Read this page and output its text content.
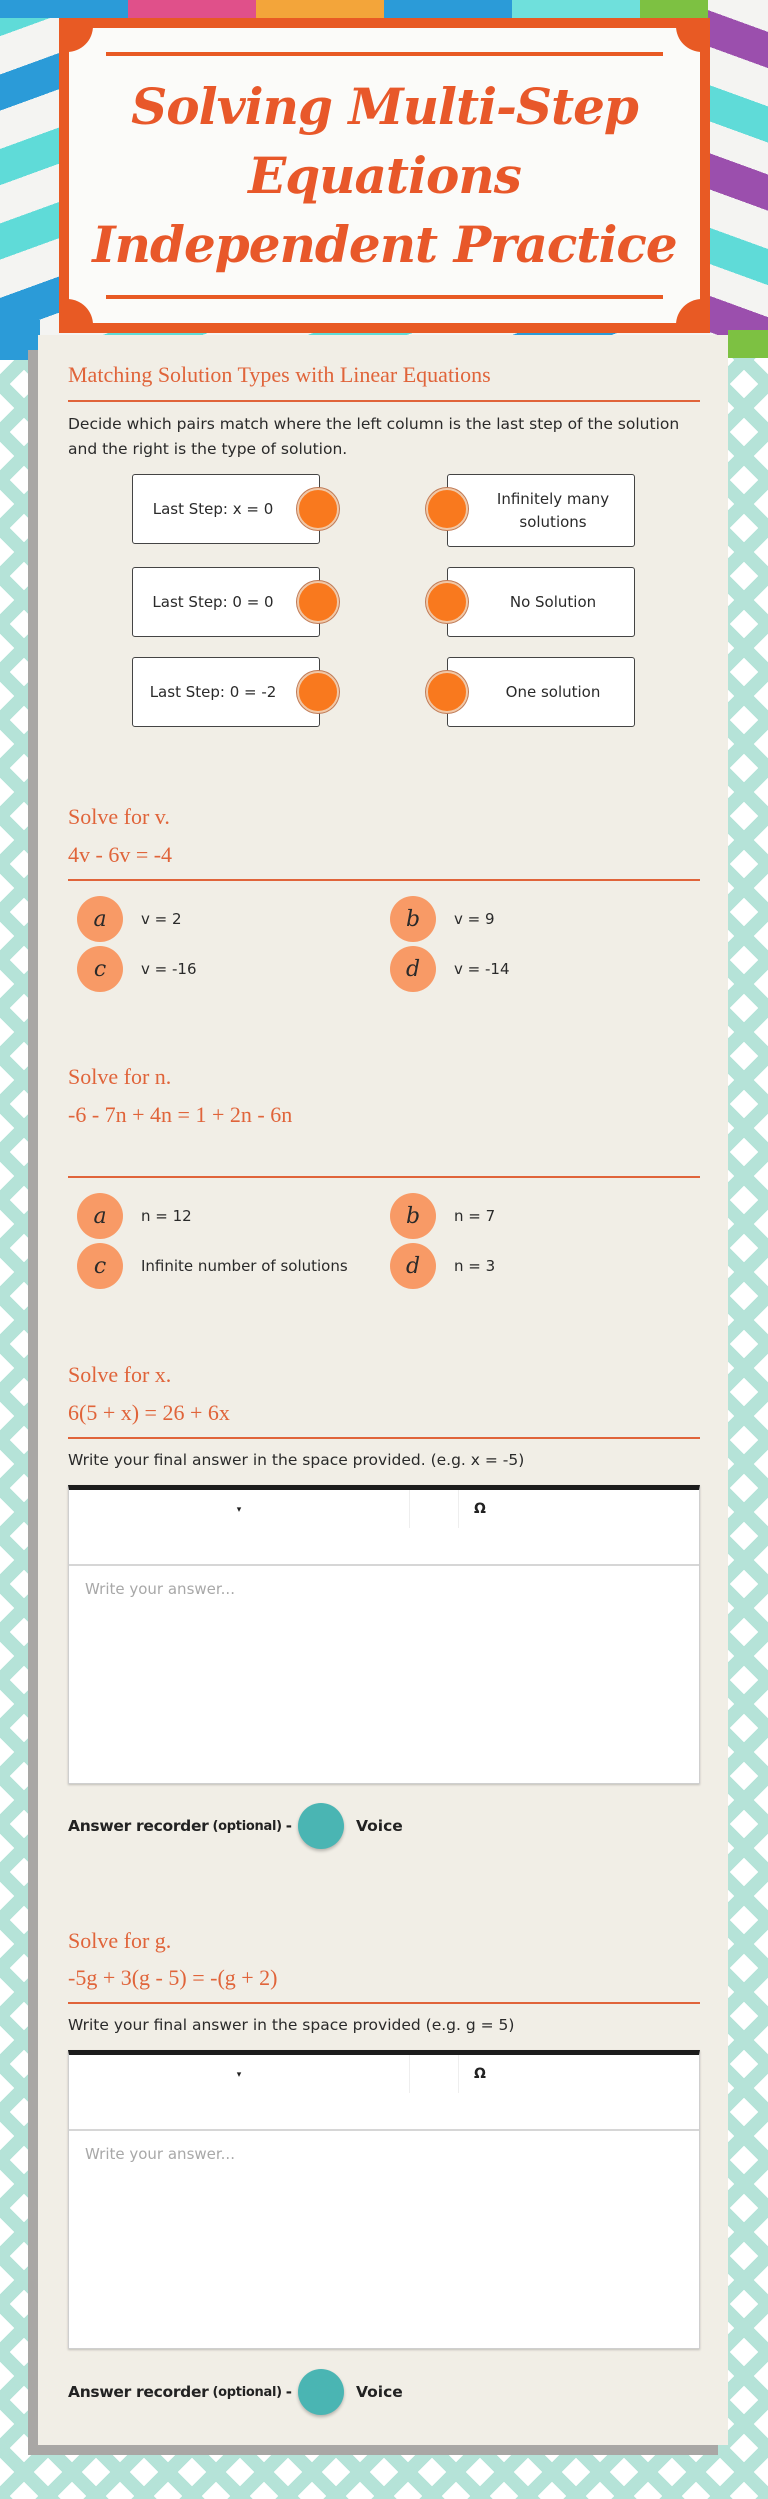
Solving Multi-Step
Equations
Independent Practice
Matching Solution Types with Linear Equations
Decide which pairs match where the left column is the last step of the solution and the right is the type of solution.
Last Step: x = 0
Last Step: 0 = 0
Last Step: 0 = -2
Infinitely many solutions
No Solution
One solution
Solve for v.
4v - 6v = -4
a	v = 2	b	v = 9
c	v = -16	d	v = -14
Solve for n.
-6 - 7n + 4n = 1 + 2n - 6n
a	n = 12	b	n = 7
c	Infinite number of solutions	d	n = 3
Solve for x.
6(5 + x) = 26 + 6x
Write your final answer in the space provided. (e.g. x = -5)
▾	Ω
Write your answer...
Answer recorder (optional) -	Voice
Solve for g.
-5g + 3(g - 5) = -(g + 2)
Write your final answer in the space provided (e.g. g = 5)
▾	Ω
Write your answer...
Answer recorder (optional) -	Voice
